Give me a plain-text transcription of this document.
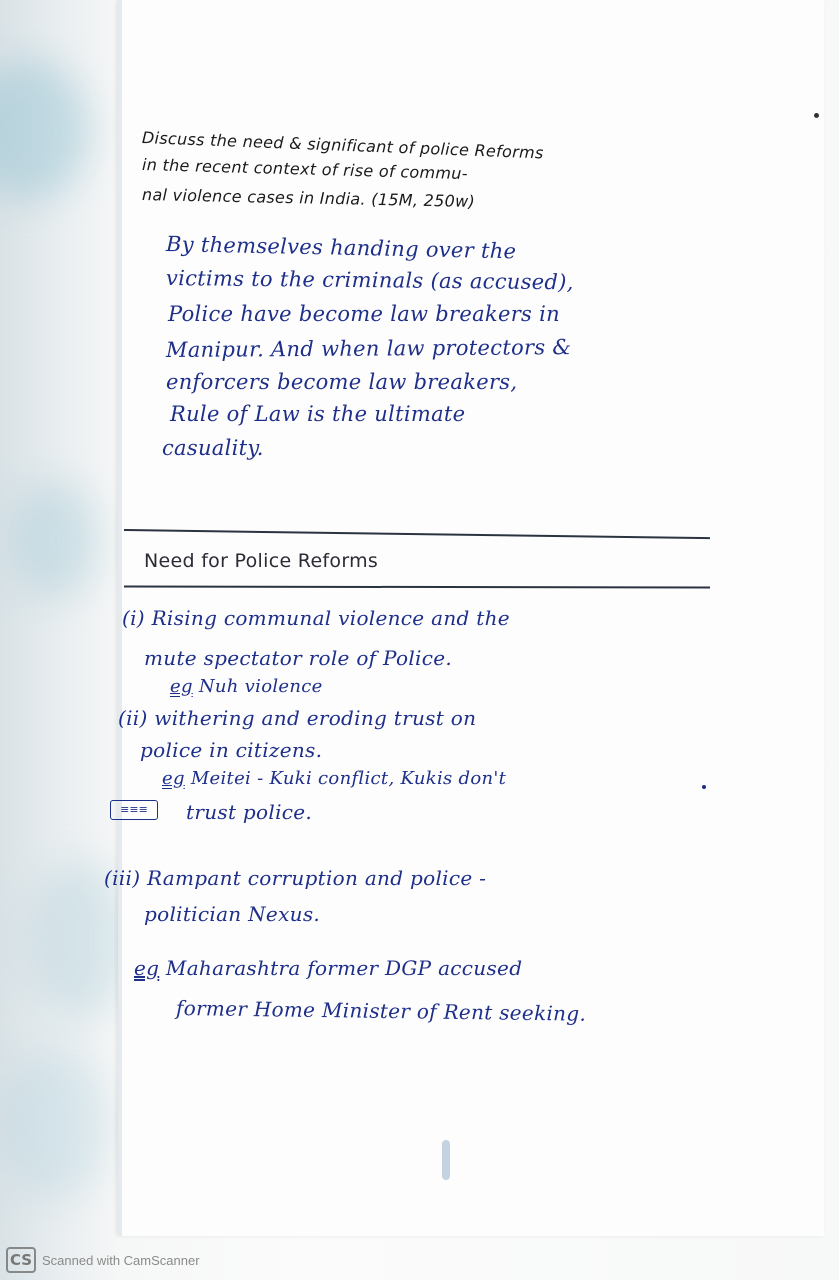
Discuss the need & significant of police Reforms
in the recent context of rise of commu-
nal violence cases in India. (15M, 250w)
By themselves handing over the
victims to the criminals (as accused),
Police have become law breakers in
Manipur. And when law protectors &
enforcers become law breakers,
Rule of Law is the ultimate
casuality.
Need for Police Reforms
(i) Rising communal violence and the
mute spectator role of Police.
eg Nuh violence
(ii) withering and eroding trust on
police in citizens.
eg Meitei - Kuki conflict, Kukis don't
≡≡≡	trust police.
(iii) Rampant corruption and police -
politician Nexus.
eg Maharashtra former DGP accused
former Home Minister of Rent seeking.
CS Scanned with CamScanner
